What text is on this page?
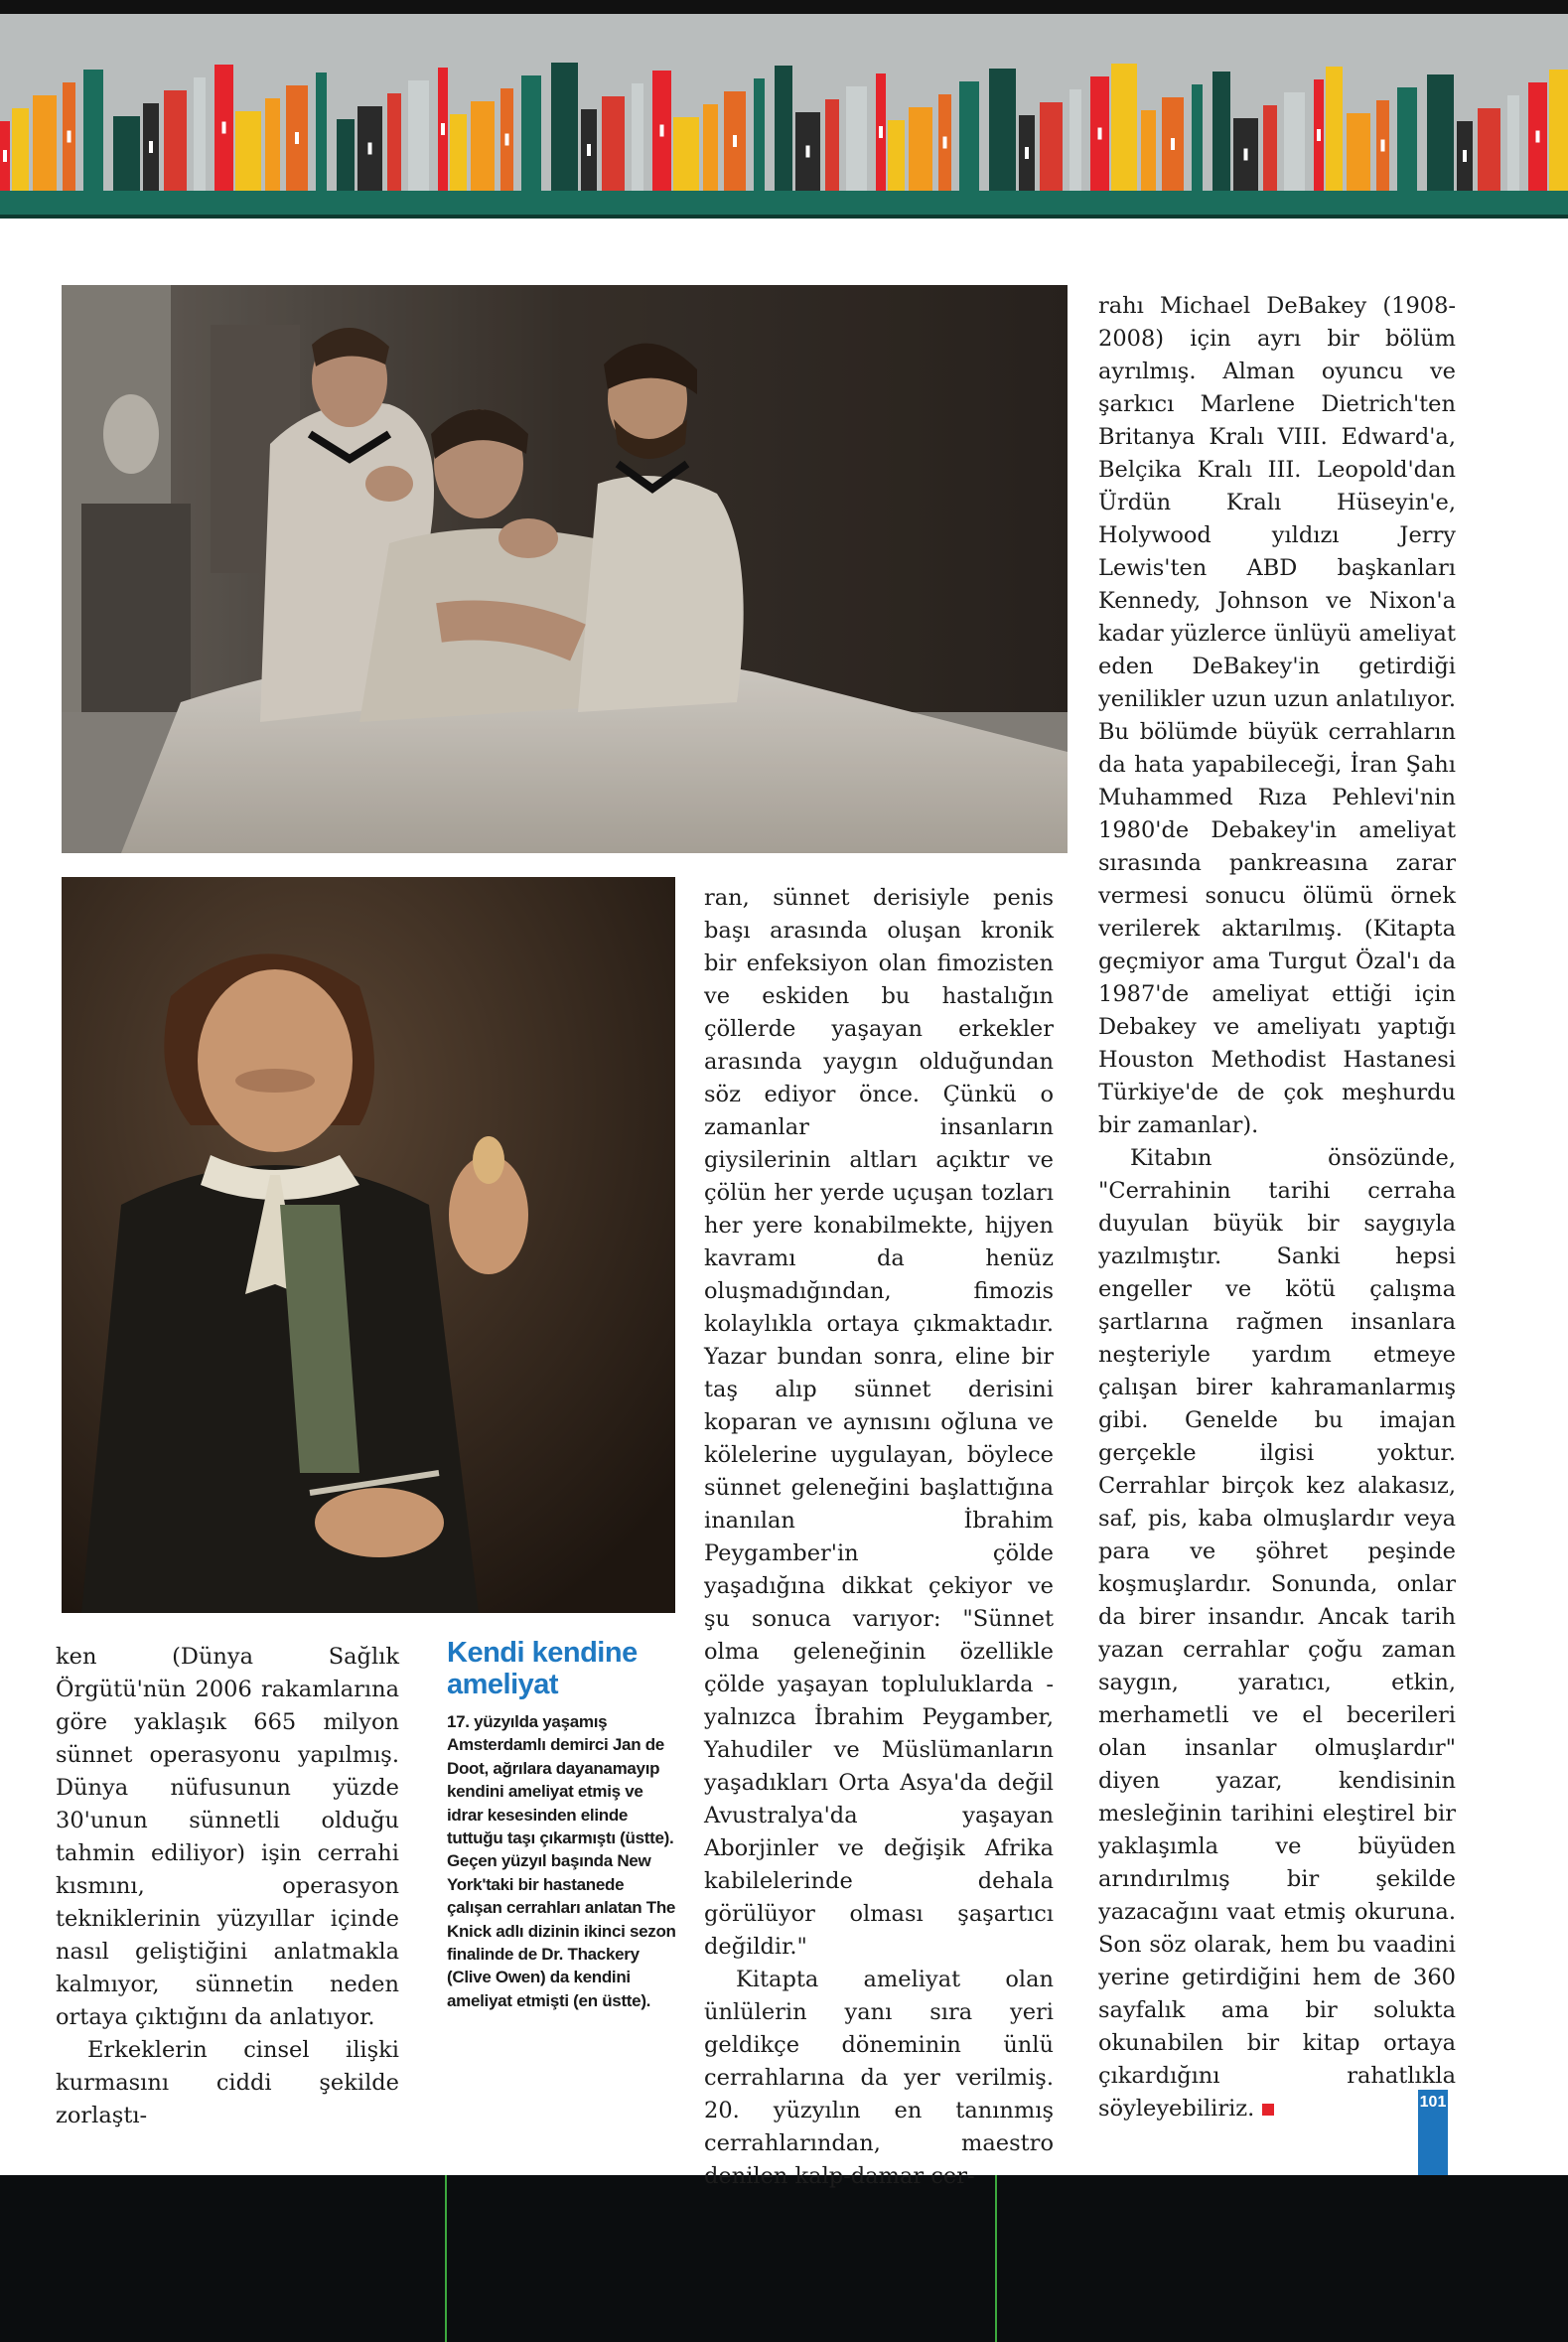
ken (Dünya Sağlık Örgütü'nün 2006 rakamlarına göre yaklaşık 665 milyon sünnet operasyonu yapılmış. Dünya nüfusunun yüzde 30'unun sünnetli olduğu tahmin ediliyor) işin cerrahi kısmını, operasyon tekniklerinin yüzyıllar içinde nasıl geliştiğini anlatmakla kalmıyor, sünnetin neden ortaya çıktığını da anlatıyor.

Erkeklerin cinsel ilişki kurmasını ciddi şekilde zorlaştı-

Kendi kendine ameliyat

17. yüzyılda yaşamış Amsterdamlı demirci Jan de Doot, ağrılara dayanamayıp kendini ameliyat etmiş ve idrar kesesinden elinde tuttuğu taşı çıkarmıştı (üstte). Geçen yüzyıl başında New York'taki bir hastanede çalışan cerrahları anlatan The Knick adlı dizinin ikinci sezon finalinde de Dr. Thackery (Clive Owen) da kendini ameliyat etmişti (en üstte).

ran, sünnet derisiyle penis başı arasında oluşan kronik bir enfeksiyon olan fimozisten ve eskiden bu hastalığın çöllerde yaşayan erkekler arasında yaygın olduğundan söz ediyor önce. Çünkü o zamanlar insanların giysilerinin altları açıktır ve çölün her yerde uçuşan tozları her yere konabilmekte, hijyen kavramı da henüz oluşmadığından, fimozis kolaylıkla ortaya çıkmaktadır. Yazar bundan sonra, eline bir taş alıp sünnet derisini koparan ve aynısını oğluna ve kölelerine uygulayan, böylece sünnet geleneğini başlattığına inanılan İbrahim Peygamber'in çölde yaşadığına dikkat çekiyor ve şu sonuca varıyor: "Sünnet olma geleneğinin özellikle çölde yaşayan topluluklarda -yalnızca İbrahim Peygamber, Yahudiler ve Müslümanların yaşadıkları Orta Asya'da değil Avustralya'da yaşayan Aborjinler ve değişik Afrika kabilelerinde dehala görülüyor olması şaşartıcı değildir."

Kitapta ameliyat olan ünlülerin yanı sıra yeri geldikçe döneminin ünlü cerrahlarına da yer verilmiş. 20. yüzyılın en tanınmış cerrahlarından, maestro denilen kalp-damar cer-

rahı Michael DeBakey (1908-2008) için ayrı bir bölüm ayrılmış. Alman oyuncu ve şarkıcı Marlene Dietrich'ten Britanya Kralı VIII. Edward'a, Belçika Kralı III. Leopold'dan Ürdün Kralı Hüseyin'e, Holywood yıldızı Jerry Lewis'ten ABD başkanları Kennedy, Johnson ve Nixon'a kadar yüzlerce ünlüyü ameliyat eden DeBakey'in getirdiği yenilikler uzun uzun anlatılıyor. Bu bölümde büyük cerrahların da hata yapabileceği, İran Şahı Muhammed Rıza Pehlevi'nin 1980'de Debakey'in ameliyat sırasında pankreasına zarar vermesi sonucu ölümü örnek verilerek aktarılmış. (Kitapta geçmiyor ama Turgut Özal'ı da 1987'de ameliyat ettiği için Debakey ve ameliyatı yaptığı Houston Methodist Hastanesi Türkiye'de de çok meşhurdu bir zamanlar).

Kitabın önsözünde, "Cerrahinin tarihi cerraha duyulan büyük bir saygıyla yazılmıştır. Sanki hepsi engeller ve kötü çalışma şartlarına rağmen insanlara neşteriyle yardım etmeye çalışan birer kahramanlarmış gibi. Genelde bu imajan gerçekle ilgisi yoktur. Cerrahlar birçok kez alakasız, saf, pis, kaba olmuşlardır veya para ve şöhret peşinde koşmuşlardır. Sonunda, onlar da birer insandır. Ancak tarih yazan cerrahlar çoğu zaman saygın, yaratıcı, etkin, merhametli ve el becerileri olan insanlar olmuşlardır" diyen yazar, kendisinin mesleğinin tarihini eleştirel bir yaklaşımla ve büyüden arındırılmış bir şekilde yazacağını vaat etmiş okuruna. Son söz olarak, hem bu vaadini yerine getirdiğini hem de 360 sayfalık ama bir solukta okunabilen bir kitap ortaya çıkardığını rahatlıkla söyleyebiliriz.	101
